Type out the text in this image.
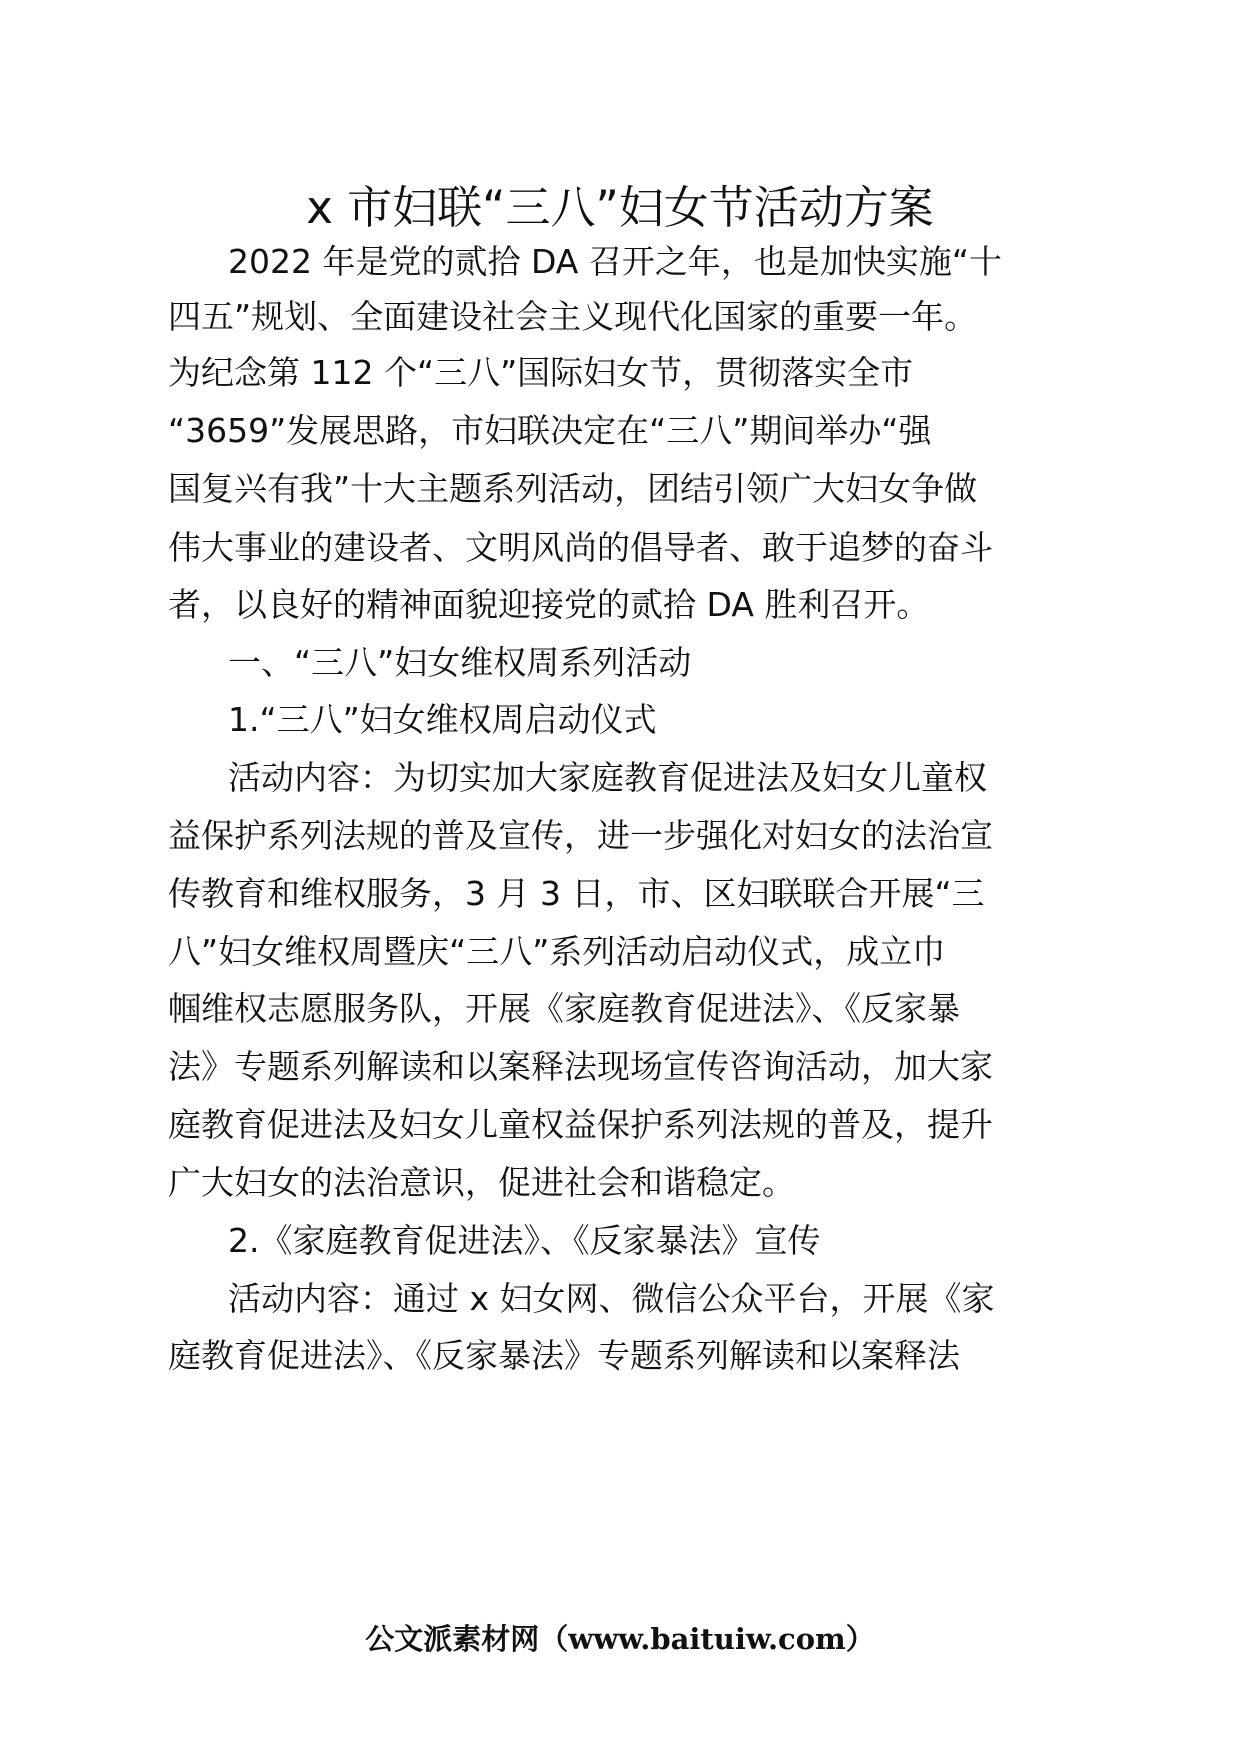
x 市妇联“三八”妇女节活动方案
2022 年是党的贰拾 DA 召开之年，也是加快实施“十
四五”规划、全面建设社会主义现代化国家的重要一年。
为纪念第 112 个“三八”国际妇女节，贯彻落实全市
“3659”发展思路，市妇联决定在“三八”期间举办“强
国复兴有我”十大主题系列活动，团结引领广大妇女争做
伟大事业的建设者、文明风尚的倡导者、敢于追梦的奋斗
者，以良好的精神面貌迎接党的贰拾 DA 胜利召开。
一、“三八”妇女维权周系列活动
1.“三八”妇女维权周启动仪式
活动内容：为切实加大家庭教育促进法及妇女儿童权
益保护系列法规的普及宣传，进一步强化对妇女的法治宣
传教育和维权服务，3 月 3 日，市、区妇联联合开展“三
八”妇女维权周暨庆“三八”系列活动启动仪式，成立巾
帼维权志愿服务队，开展《家庭教育促进法》、《反家暴
法》专题系列解读和以案释法现场宣传咨询活动，加大家
庭教育促进法及妇女儿童权益保护系列法规的普及，提升
广大妇女的法治意识，促进社会和谐稳定。
2.《家庭教育促进法》、《反家暴法》宣传
活动内容：通过 x 妇女网、微信公众平台，开展《家
庭教育促进法》、《反家暴法》专题系列解读和以案释法
公文派素材网（www.baituiw.com）
